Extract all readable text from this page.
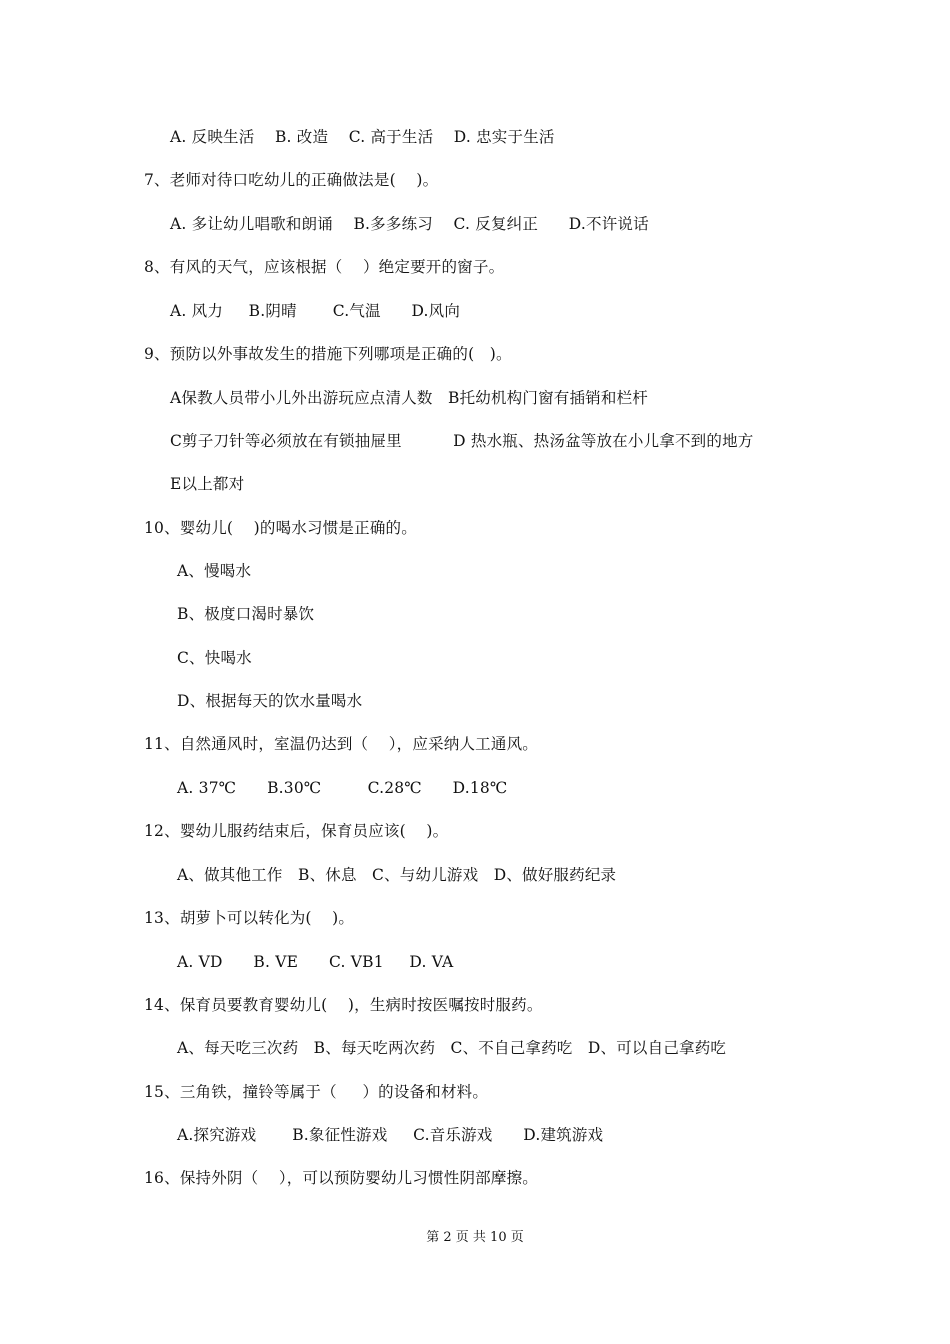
A. 反映生活    B. 改造    C. 高于生活    D. 忠实于生活
7、老师对待口吃幼儿的正确做法是(    )。
A. 多让幼儿唱歌和朗诵    B.多多练习    C. 反复纠正      D.不许说话
8、有风的天气，应该根据（    ）绝定要开的窗子。
A. 风力     B.阴晴       C.气温      D.风向
9、预防以外事故发生的措施下列哪项是正确的(   )。
A保教人员带小儿外出游玩应点清人数   B托幼机构门窗有插销和栏杆
C剪子刀针等必须放在有锁抽屉里          D 热水瓶、热汤盆等放在小儿拿不到的地方
E以上都对
10、婴幼儿(    )的喝水习惯是正确的。
A、慢喝水
B、极度口渴时暴饮
C、快喝水
D、根据每天的饮水量喝水
11、自然通风时，室温仍达到（    ），应采纳人工通风。
A. 37℃      B.30℃         C.28℃      D.18℃
12、婴幼儿服药结束后，保育员应该(    )。
A、做其他工作   B、休息   C、与幼儿游戏   D、做好服药纪录
13、胡萝卜可以转化为(    )。
A. VD      B. VE      C. VB1     D. VA
14、保育员要教育婴幼儿(    )，生病时按医嘱按时服药。
A、每天吃三次药   B、每天吃两次药   C、不自己拿药吃   D、可以自己拿药吃
15、三角铁，撞铃等属于（     ）的设备和材料。
A.探究游戏       B.象征性游戏     C.音乐游戏      D.建筑游戏
16、保持外阴（    ），可以预防婴幼儿习惯性阴部摩擦。
第 2 页 共 10 页
